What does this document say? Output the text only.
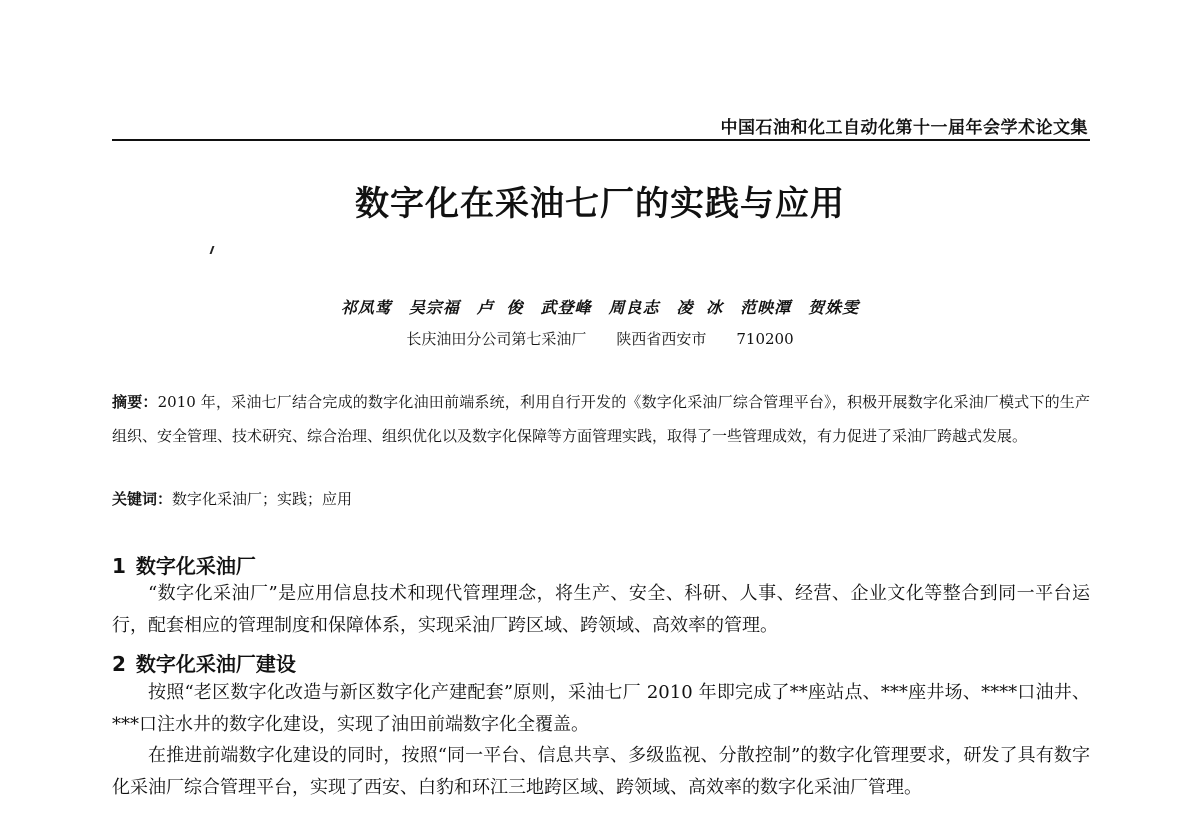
中国石油和化工自动化第十一届年会学术论文集
数字化在采油七厂的实践与应用
祁凤莺　吴宗福　卢 俊　武登峰　周良志　凌 冰　范映潭　贺姝雯
长庆油田分公司第七采油厂　　陕西省西安市　　710200
摘要：2010 年，采油七厂结合完成的数字化油田前端系统，利用自行开发的《数字化采油厂综合管理平台》，积极开展数字化采油厂模式下的生产组织、安全管理、技术研究、综合治理、组织优化以及数字化保障等方面管理实践，取得了一些管理成效，有力促进了采油厂跨越式发展。
关键词：数字化采油厂；实践；应用
1 数字化采油厂
“数字化采油厂”是应用信息技术和现代管理理念，将生产、安全、科研、人事、经营、企业文化等整合到同一平台运行，配套相应的管理制度和保障体系，实现采油厂跨区域、跨领域、高效率的管理。
2 数字化采油厂建设
按照“老区数字化改造与新区数字化产建配套”原则，采油七厂 2010 年即完成了**座站点、***座井场、****口油井、***口注水井的数字化建设，实现了油田前端数字化全覆盖。
在推进前端数字化建设的同时，按照“同一平台、信息共享、多级监视、分散控制”的数字化管理要求，研发了具有数字化采油厂综合管理平台，实现了西安、白豹和环江三地跨区域、跨领域、高效率的数字化采油厂管理。
